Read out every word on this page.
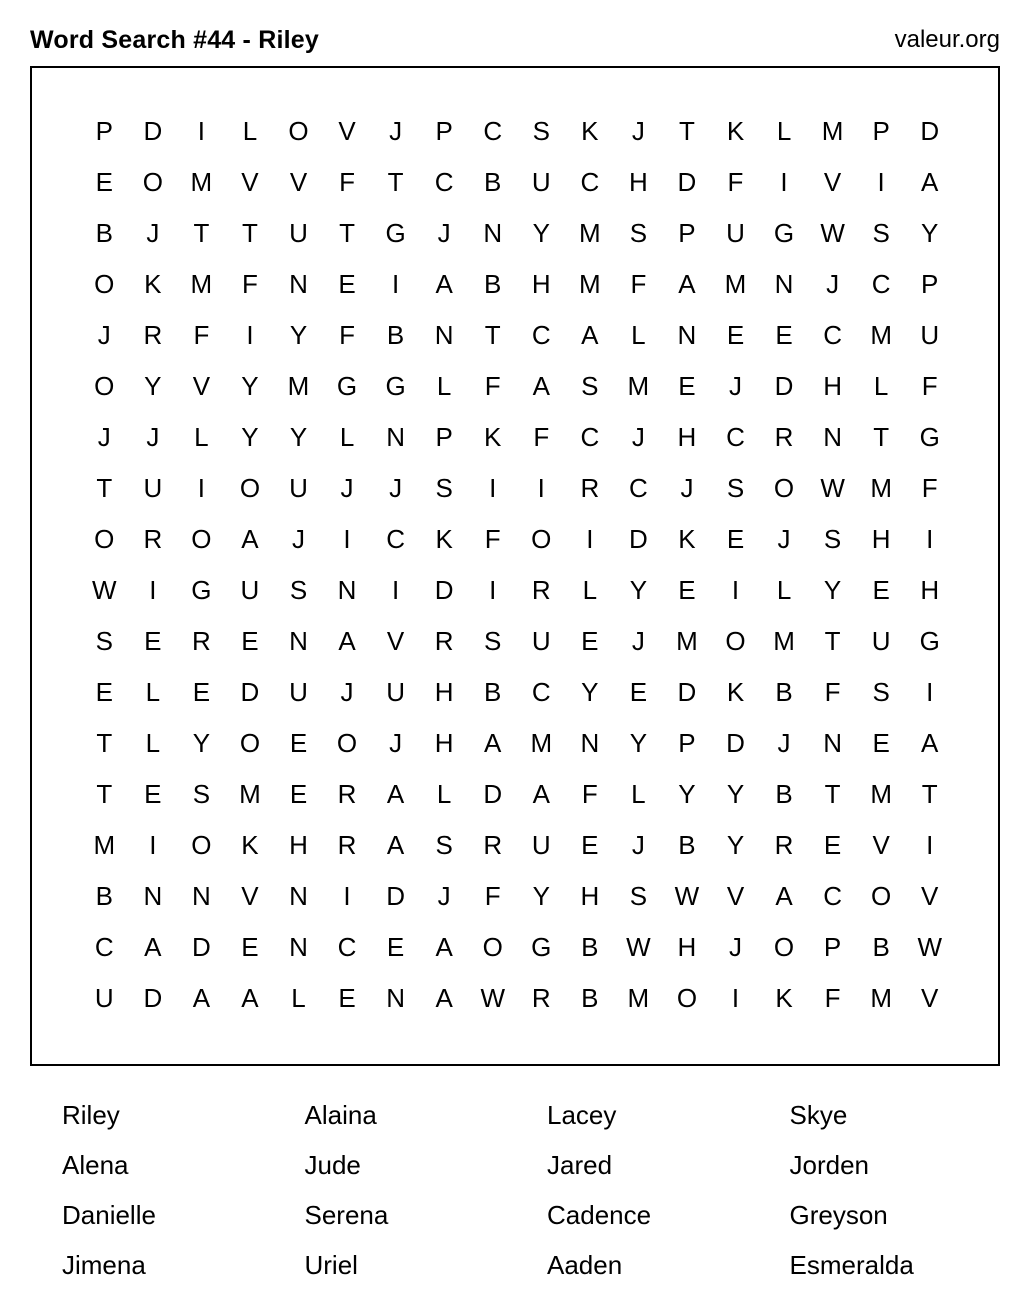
Word Search #44 - Riley	valeur.org
P	D	I	L	O	V	J	P	C	S	K	J	T	K	L	M	P	D
E	O	M	V	V	F	T	C	B	U	C	H	D	F	I	V	I	A
B	J	T	T	U	T	G	J	N	Y	M	S	P	U	G	W	S	Y
O	K	M	F	N	E	I	A	B	H	M	F	A	M	N	J	C	P
J	R	F	I	Y	F	B	N	T	C	A	L	N	E	E	C	M	U
O	Y	V	Y	M	G	G	L	F	A	S	M	E	J	D	H	L	F
J	J	L	Y	Y	L	N	P	K	F	C	J	H	C	R	N	T	G
T	U	I	O	U	J	J	S	I	I	R	C	J	S	O	W M	F
O	R	O	A	J	I	C	K	F	O	I	D	K	E	J	S	H	I
W	I	G	U	S	N	I	D	I	R	L	Y	E	I	L	Y	E	H
S	E	R	E	N	A	V	R	S	U	E	J	M	O	M	T	U	G
E	L	E	D	U	J	U	H	B	C	Y	E	D	K	B	F	S	I
T	L	Y	O	E	O	J	H	A	M	N	Y	P	D	J	N	E	A
T	E	S	M	E	R	A	L	D	A	F	L	Y	Y	B	T	M	T
M	I	O	K	H	R	A	S	R	U	E	J	B	Y	R	E	V	I
B	N	N	V	N	I	D	J	F	Y	H	S	W	V	A	C	O	V
C	A	D	E	N	C	E	A	O	G	B	W	H	J	O	P	B	W
U	D	A	A	L	E	N	A	W	R	B	M	O	I	K	F	M	V
Riley	Alaina	Lacey	Skye
Alena	Jude	Jared	Jorden
Danielle	Serena	Cadence	Greyson
Jimena	Uriel	Aaden	Esmeralda
